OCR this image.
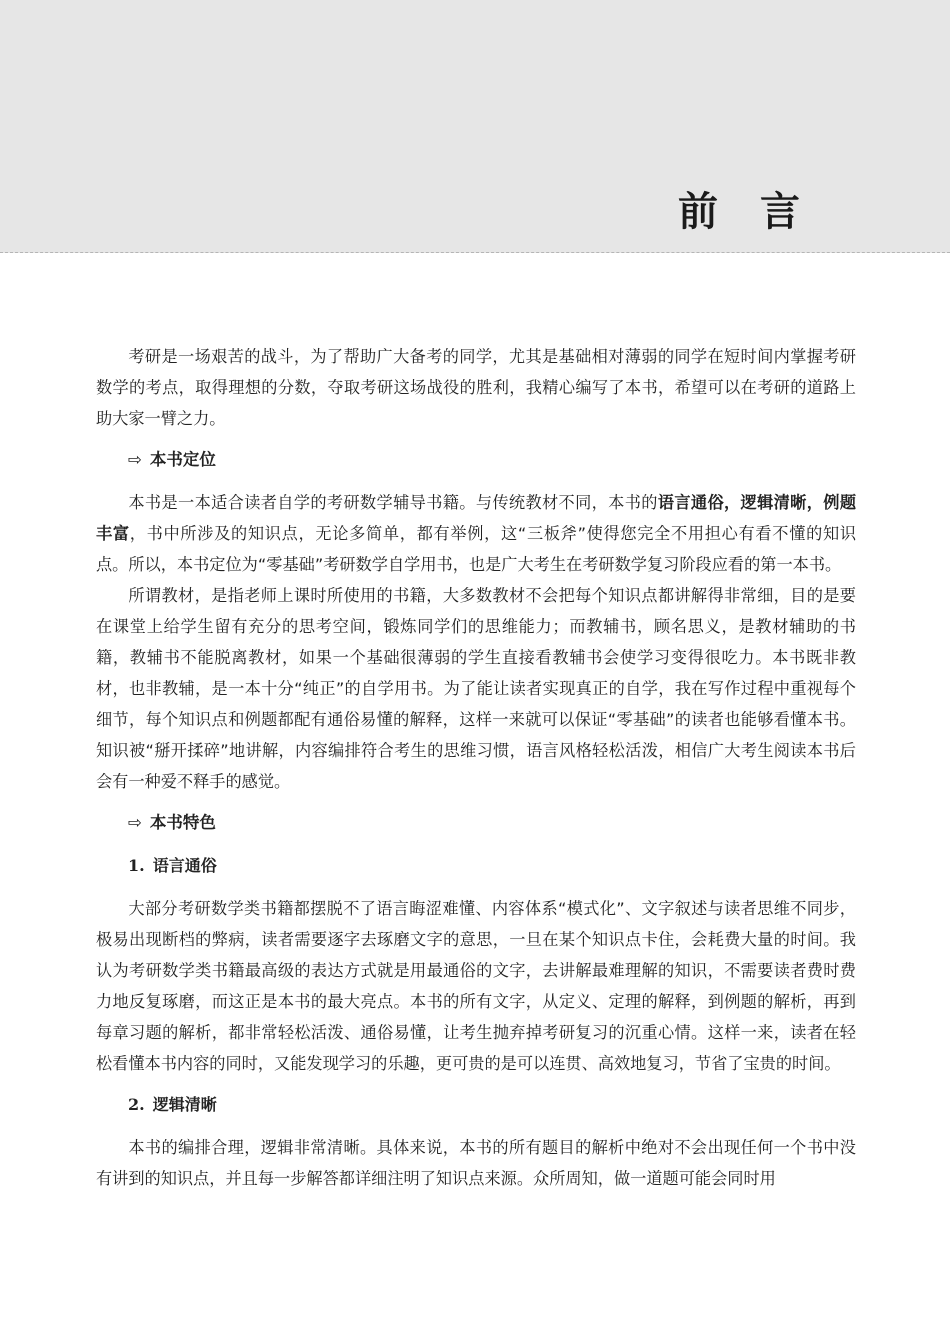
前言

考研是一场艰苦的战斗，为了帮助广大备考的同学，尤其是基础相对薄弱的同学在短时间内掌握考研数学的考点，取得理想的分数，夺取考研这场战役的胜利，我精心编写了本书，希望可以在考研的道路上助大家一臂之力。

⇨ 本书定位

本书是一本适合读者自学的考研数学辅导书籍。与传统教材不同，本书的语言通俗，逻辑清晰，例题丰富，书中所涉及的知识点，无论多简单，都有举例，这“三板斧”使得您完全不用担心有看不懂的知识点。所以，本书定位为“零基础”考研数学自学用书，也是广大考生在考研数学复习阶段应看的第一本书。

所谓教材，是指老师上课时所使用的书籍，大多数教材不会把每个知识点都讲解得非常细，目的是要在课堂上给学生留有充分的思考空间，锻炼同学们的思维能力；而教辅书，顾名思义，是教材辅助的书籍，教辅书不能脱离教材，如果一个基础很薄弱的学生直接看教辅书会使学习变得很吃力。本书既非教材，也非教辅，是一本十分“纯正”的自学用书。为了能让读者实现真正的自学，我在写作过程中重视每个细节，每个知识点和例题都配有通俗易懂的解释，这样一来就可以保证“零基础”的读者也能够看懂本书。知识被“掰开揉碎”地讲解，内容编排符合考生的思维习惯，语言风格轻松活泼，相信广大考生阅读本书后会有一种爱不释手的感觉。

⇨ 本书特色
1. 语言通俗

大部分考研数学类书籍都摆脱不了语言晦涩难懂、内容体系“模式化”、文字叙述与读者思维不同步，极易出现断档的弊病，读者需要逐字去琢磨文字的意思，一旦在某个知识点卡住，会耗费大量的时间。我认为考研数学类书籍最高级的表达方式就是用最通俗的文字，去讲解最难理解的知识，不需要读者费时费力地反复琢磨，而这正是本书的最大亮点。本书的所有文字，从定义、定理的解释，到例题的解析，再到每章习题的解析，都非常轻松活泼、通俗易懂，让考生抛弃掉考研复习的沉重心情。这样一来，读者在轻松看懂本书内容的同时，又能发现学习的乐趣，更可贵的是可以连贯、高效地复习，节省了宝贵的时间。

2. 逻辑清晰

本书的编排合理，逻辑非常清晰。具体来说，本书的所有题目的解析中绝对不会出现任何一个书中没有讲到的知识点，并且每一步解答都详细注明了知识点来源。众所周知，做一道题可能会同时用
